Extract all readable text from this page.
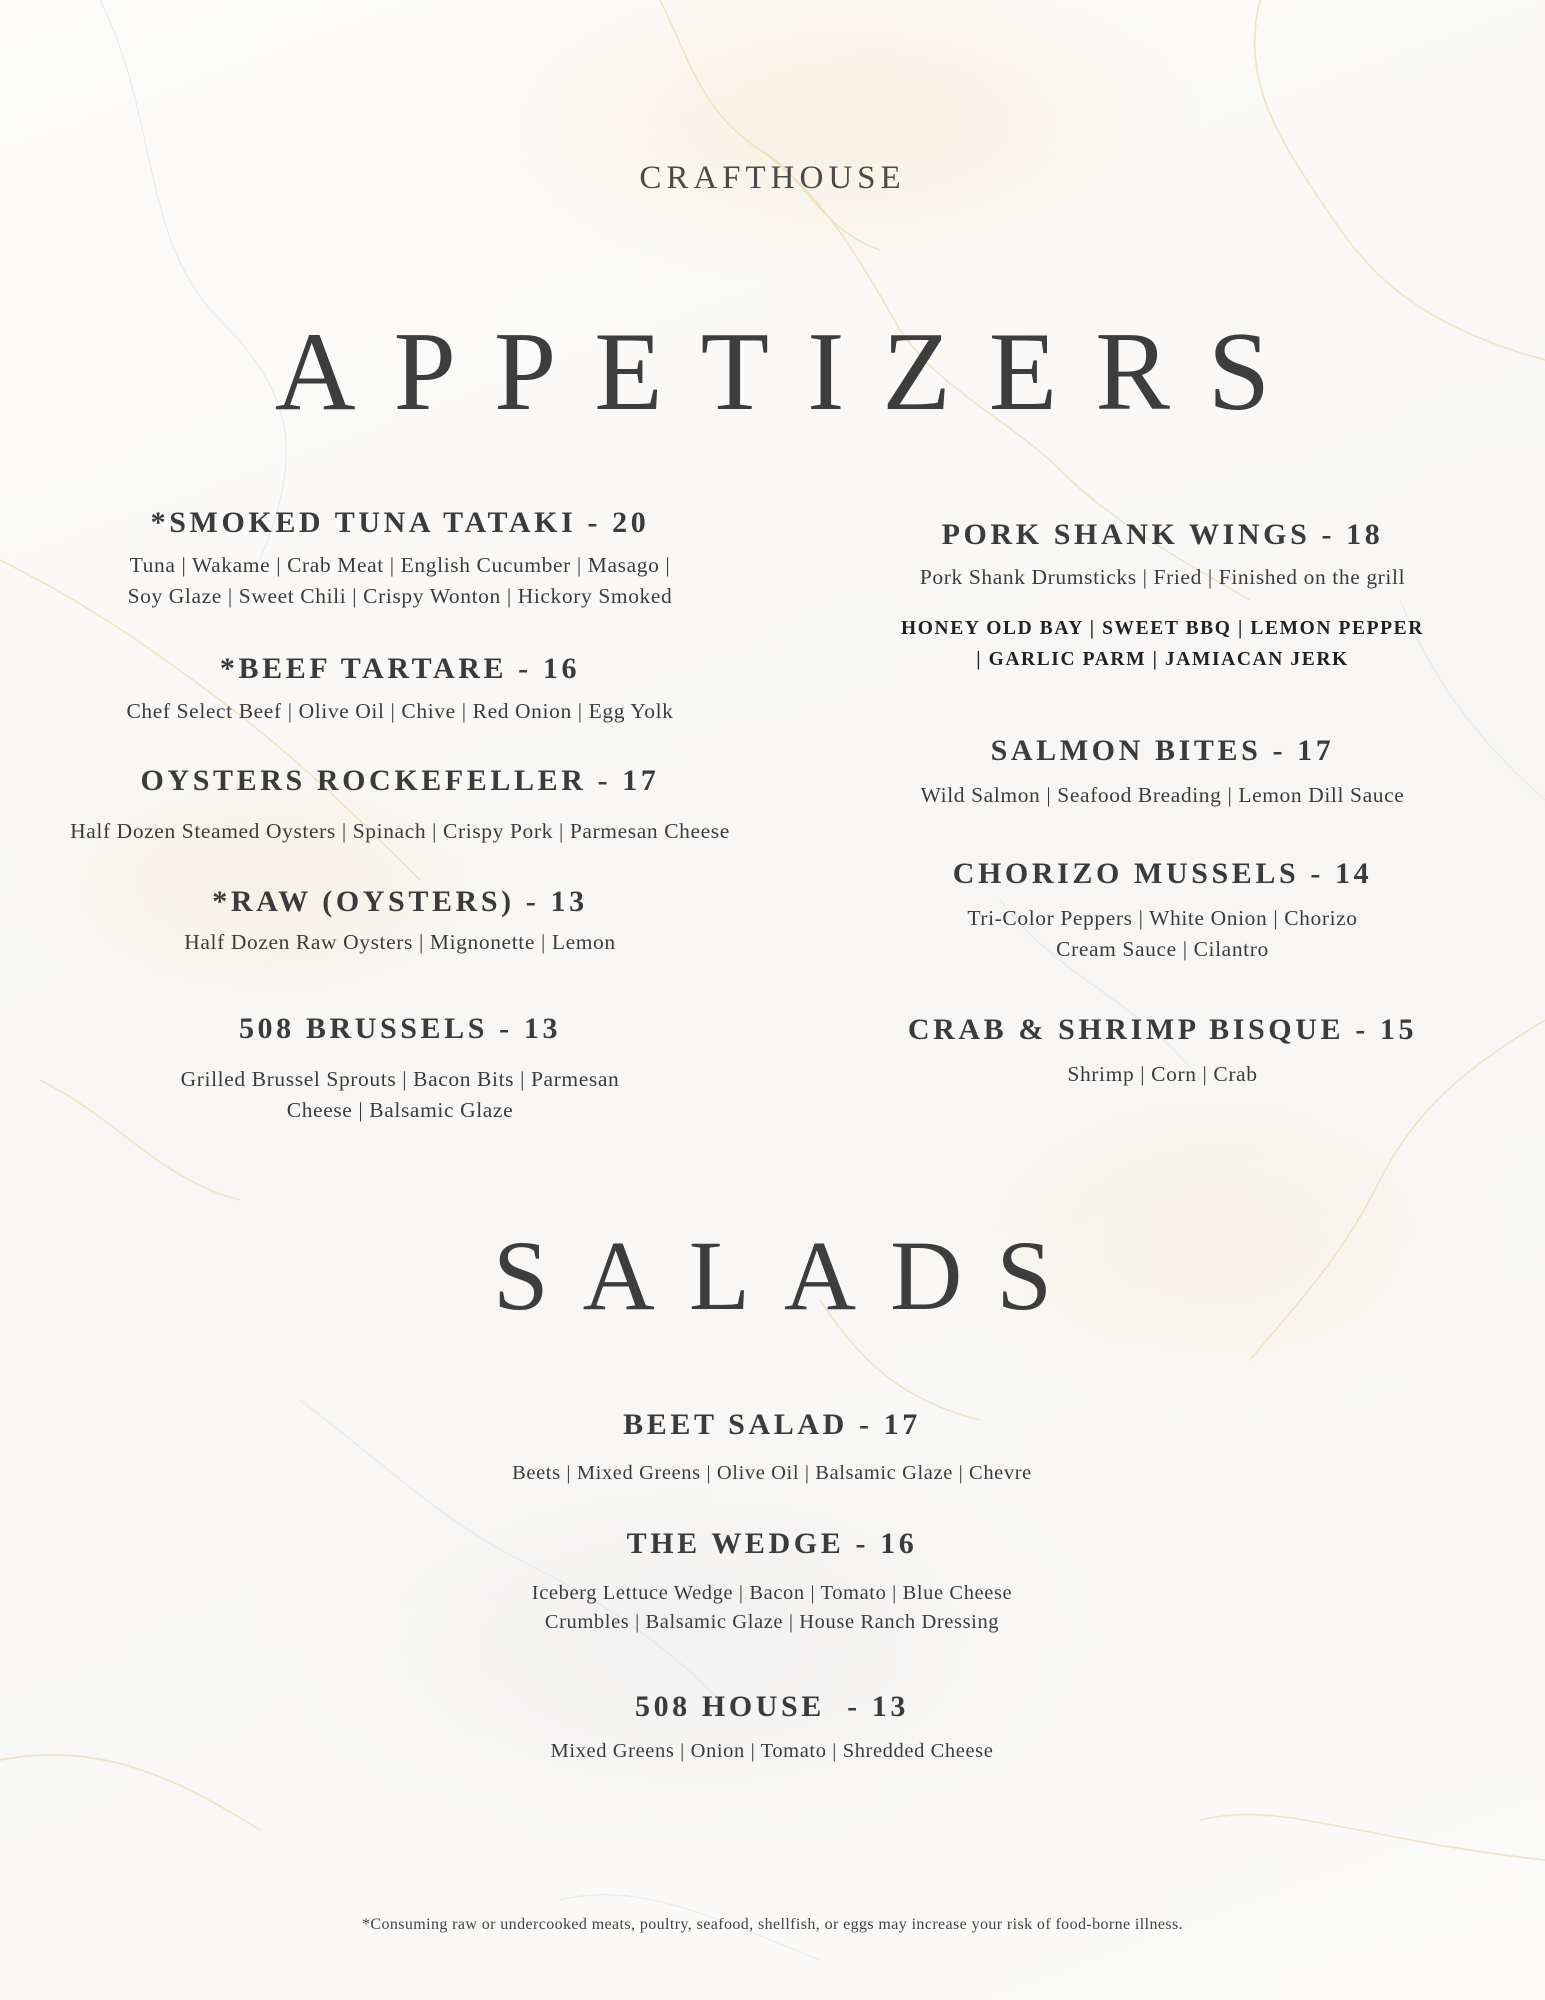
CRAFTHOUSE
APPETIZERS
*SMOKED TUNA TATAKI - 20
Tuna | Wakame | Crab Meat | English Cucumber | Masago |
Soy Glaze | Sweet Chili | Crispy Wonton | Hickory Smoked
*BEEF TARTARE - 16
Chef Select Beef | Olive Oil | Chive | Red Onion | Egg Yolk
OYSTERS ROCKEFELLER - 17
Half Dozen Steamed Oysters | Spinach | Crispy Pork | Parmesan Cheese
*RAW (OYSTERS) - 13
Half Dozen Raw Oysters | Mignonette | Lemon
508 BRUSSELS - 13
Grilled Brussel Sprouts | Bacon Bits | Parmesan
Cheese | Balsamic Glaze
PORK SHANK WINGS - 18
Pork Shank Drumsticks | Fried | Finished on the grill
HONEY OLD BAY | SWEET BBQ | LEMON PEPPER
| GARLIC PARM | JAMIACAN JERK
SALMON BITES - 17
Wild Salmon | Seafood Breading | Lemon Dill Sauce
CHORIZO MUSSELS - 14
Tri-Color Peppers | White Onion | Chorizo
Cream Sauce | Cilantro
CRAB & SHRIMP BISQUE - 15
Shrimp | Corn | Crab
SALADS
BEET SALAD - 17
Beets | Mixed Greens | Olive Oil | Balsamic Glaze | Chevre
THE WEDGE - 16
Iceberg Lettuce Wedge | Bacon | Tomato | Blue Cheese
Crumbles | Balsamic Glaze | House Ranch Dressing
508 HOUSE  - 13
Mixed Greens | Onion | Tomato | Shredded Cheese
*Consuming raw or undercooked meats, poultry, seafood, shellfish, or eggs may increase your risk of food-borne illness.
